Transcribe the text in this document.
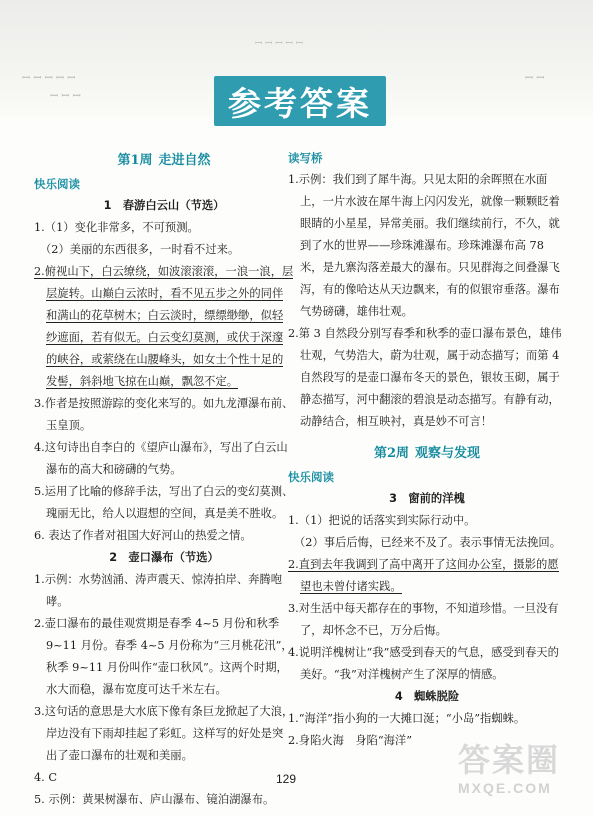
ꟷ ꟷ ꟷ ꟷ ꟷ
ꟷ ꟷ ꟷ ꟷ ꟷ
ꟷ ꟷ ꟷ
ꟷ ꟷ
参考答案

第1周 走进自然

快乐阅读
1　春游白云山（节选）
1.（1）变化非常多，不可预测。
（2）美丽的东西很多，一时看不过来。
2.俯视山下，白云缭绕，如波滚滚滚，一浪一浪，层层旋转。山巅白云浓时，看不见五步之外的同伴和满山的花草树木；白云淡时，缥缥缈缈，似轻纱遮面，若有似无。白云变幻莫测，或伏于深邃的峡谷，或萦绕在山腰峰头，如女士个性十足的发髻，斜斜地飞掠在山巅，飘忽不定。
3.作者是按照游踪的变化来写的。如九龙潭瀑布前、玉皇顶。
4.这句诗出自李白的《望庐山瀑布》，写出了白云山瀑布的高大和磅礴的气势。
5.运用了比喻的修辞手法，写出了白云的变幻莫测、瑰丽无比，给人以遐想的空间，真是美不胜收。
6. 表达了作者对祖国大好河山的热爱之情。
2　壶口瀑布（节选）
1.示例：水势汹涌、涛声震天、惊涛拍岸、奔腾咆哮。
2.壶口瀑布的最佳观赏期是春季 4~5 月份和秋季 9~11 月份。春季 4~5 月份称为“三月桃花汛”，秋季 9~11 月份叫作“壶口秋风”。这两个时期，水大而稳，瀑布宽度可达千米左右。
3.这句话的意思是大水底下像有条巨龙掀起了大浪，岸边没有下雨却挂起了彩虹。这样写的好处是突出了壶口瀑布的壮观和美丽。
4. C
5. 示例：黄果树瀑布、庐山瀑布、镜泊湖瀑布。
读写桥
1.示例：我们到了犀牛海。只见太阳的余晖照在水面上，一片水波在犀牛海上闪闪发光，就像一颗颗眨着眼睛的小星星，异常美丽。我们继续前行，不久，就到了水的世界——珍珠滩瀑布。珍珠滩瀑布高 78 米，是九寨沟落差最大的瀑布。只见群海之间叠瀑飞泻，有的像哈达从天边飘来，有的似银帘垂落。瀑布气势磅礴，雄伟壮观。
2.第 3 自然段分别写春季和秋季的壶口瀑布景色，雄伟壮观，气势浩大，蔚为壮观，属于动态描写；而第 4 自然段写的是壶口瀑布冬天的景色，银妆玉砌，属于静态描写，河中翻滚的碧浪是动态描写。有静有动，动静结合，相互映衬，真是妙不可言！

第2周 观察与发现

快乐阅读
3　窗前的洋槐
1.（1）把说的话落实到实际行动中。
（2）事后后悔，已经来不及了。表示事情无法挽回。
2.直到去年我调到了高中离开了这间办公室，摄影的愿望也未曾付诸实践。
3.对生活中每天都存在的事物，不知道珍惜。一旦没有了，却怀念不已，万分后悔。
4.说明洋槐树让“我”感受到春天的气息，感受到春天的美好。“我”对洋槐树产生了深厚的情感。
4　蜘蛛脱险
1.“海洋”指小狗的一大摊口涎；“小岛”指蜘蛛。
2.身陷火海　身陷“海洋”
129	答案圈
MXQE.COM
